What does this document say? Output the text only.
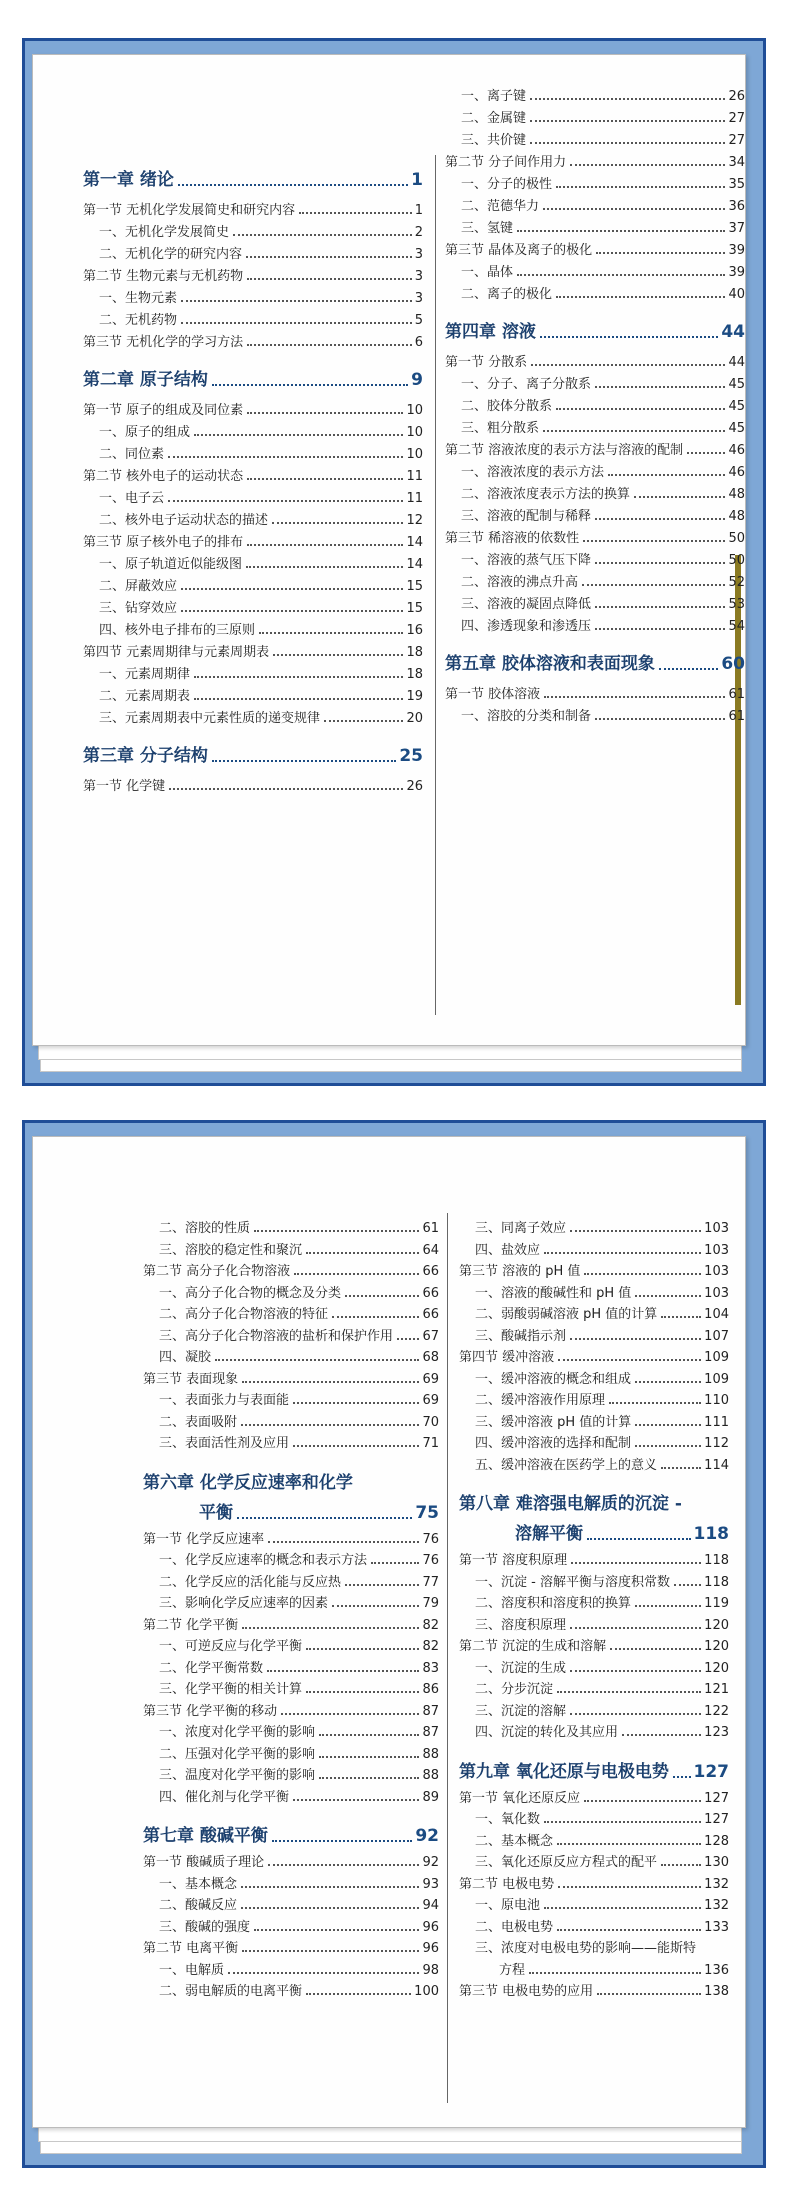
第一章 绪论	1
第一节 无机化学发展简史和研究内容	1
一、无机化学发展简史	2
二、无机化学的研究内容	3
第二节 生物元素与无机药物	3
一、生物元素	3
二、无机药物	5
第三节 无机化学的学习方法	6
第二章 原子结构	9
第一节 原子的组成及同位素	10
一、原子的组成	10
二、同位素	10
第二节 核外电子的运动状态	11
一、电子云	11
二、核外电子运动状态的描述	12
第三节 原子核外电子的排布	14
一、原子轨道近似能级图	14
二、屏蔽效应	15
三、钻穿效应	15
四、核外电子排布的三原则	16
第四节 元素周期律与元素周期表	18
一、元素周期律	18
二、元素周期表	19
三、元素周期表中元素性质的递变规律	20
第三章 分子结构	25
第一节 化学键	26
一、离子键	26
二、金属键	27
三、共价键	27
第二节 分子间作用力	34
一、分子的极性	35
二、范德华力	36
三、氢键	37
第三节 晶体及离子的极化	39
一、晶体	39
二、离子的极化	40
第四章 溶液	44
第一节 分散系	44
一、分子、离子分散系	45
二、胶体分散系	45
三、粗分散系	45
第二节 溶液浓度的表示方法与溶液的配制	46
一、溶液浓度的表示方法	46
二、溶液浓度表示方法的换算	48
三、溶液的配制与稀释	48
第三节 稀溶液的依数性	50
一、溶液的蒸气压下降	50
二、溶液的沸点升高	52
三、溶液的凝固点降低	53
四、渗透现象和渗透压	54
第五章 胶体溶液和表面现象	60
第一节 胶体溶液	61
一、溶胶的分类和制备	61
二、溶胶的性质	61
三、溶胶的稳定性和聚沉	64
第二节 高分子化合物溶液	66
一、高分子化合物的概念及分类	66
二、高分子化合物溶液的特征	66
三、高分子化合物溶液的盐析和保护作用 67
四、凝胶	68
第三节 表面现象	69
一、表面张力与表面能	69
二、表面吸附	70
三、表面活性剂及应用	71
第六章 化学反应速率和化学
平衡	75
第一节 化学反应速率	76
一、化学反应速率的概念和表示方法	76
二、化学反应的活化能与反应热	77
三、影响化学反应速率的因素	79
第二节 化学平衡	82
一、可逆反应与化学平衡	82
二、化学平衡常数	83
三、化学平衡的相关计算	86
第三节 化学平衡的移动	87
一、浓度对化学平衡的影响	87
二、压强对化学平衡的影响	88
三、温度对化学平衡的影响	88
四、催化剂与化学平衡	89
第七章 酸碱平衡	92
第一节 酸碱质子理论	92
一、基本概念	93
二、酸碱反应	94
三、酸碱的强度	96
第二节 电离平衡	96
一、电解质	98
二、弱电解质的电离平衡	100
三、同离子效应	103
四、盐效应	103
第三节 溶液的 pH 值	103
一、溶液的酸碱性和 pH 值	103
二、弱酸弱碱溶液 pH 值的计算	104
三、酸碱指示剂	107
第四节 缓冲溶液	109
一、缓冲溶液的概念和组成	109
二、缓冲溶液作用原理	110
三、缓冲溶液 pH 值的计算	111
四、缓冲溶液的选择和配制	112
五、缓冲溶液在医药学上的意义	114
第八章 难溶强电解质的沉淀 -
溶解平衡	118
第一节 溶度积原理	118
一、沉淀 - 溶解平衡与溶度积常数	118
二、溶度积和溶度积的换算	119
三、溶度积原理	120
第二节 沉淀的生成和溶解	120
一、沉淀的生成	120
二、分步沉淀	121
三、沉淀的溶解	122
四、沉淀的转化及其应用	123
第九章 氧化还原与电极电势 127
第一节 氧化还原反应	127
一、氧化数	127
二、基本概念	128
三、氧化还原反应方程式的配平	130
第二节 电极电势	132
一、原电池	132
二、电极电势	133
三、浓度对电极电势的影响——能斯特
方程	136
第三节 电极电势的应用	138
